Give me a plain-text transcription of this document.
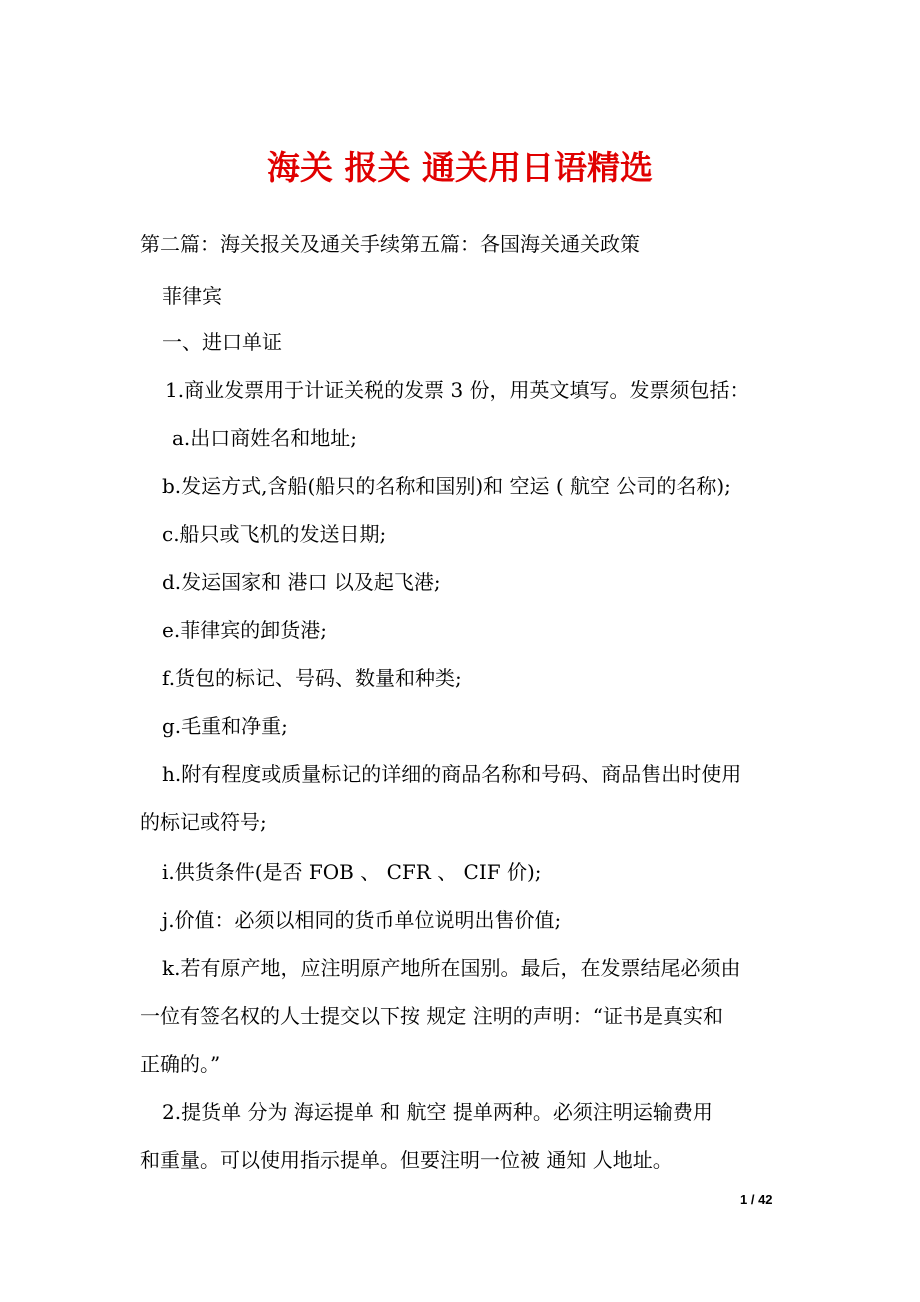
海关 报关 通关用日语精选
第二篇：海关报关及通关手续第五篇：各国海关通关政策
菲律宾
一、进口单证
1.商业发票用于计证关税的发票 3 份，用英文填写。发票须包括：
a.出口商姓名和地址;
b.发运方式,含船(船只的名称和国别)和 空运 ( 航空 公司的名称);
c.船只或飞机的发送日期;
d.发运国家和 港口 以及起飞港;
e.菲律宾的卸货港;
f.货包的标记、号码、数量和种类;
g.毛重和净重;
h.附有程度或质量标记的详细的商品名称和号码、商品售出时使用
的标记或符号;
i.供货条件(是否 FOB 、 CFR 、 CIF 价);
j.价值：必须以相同的货币单位说明出售价值;
k.若有原产地，应注明原产地所在国别。最后，在发票结尾必须由
一位有签名权的人士提交以下按 规定 注明的声明：“证书是真实和
正确的。”
2.提货单 分为 海运提单 和 航空 提单两种。必须注明运输费用
和重量。可以使用指示提单。但要注明一位被 通知 人地址。
1 / 42
